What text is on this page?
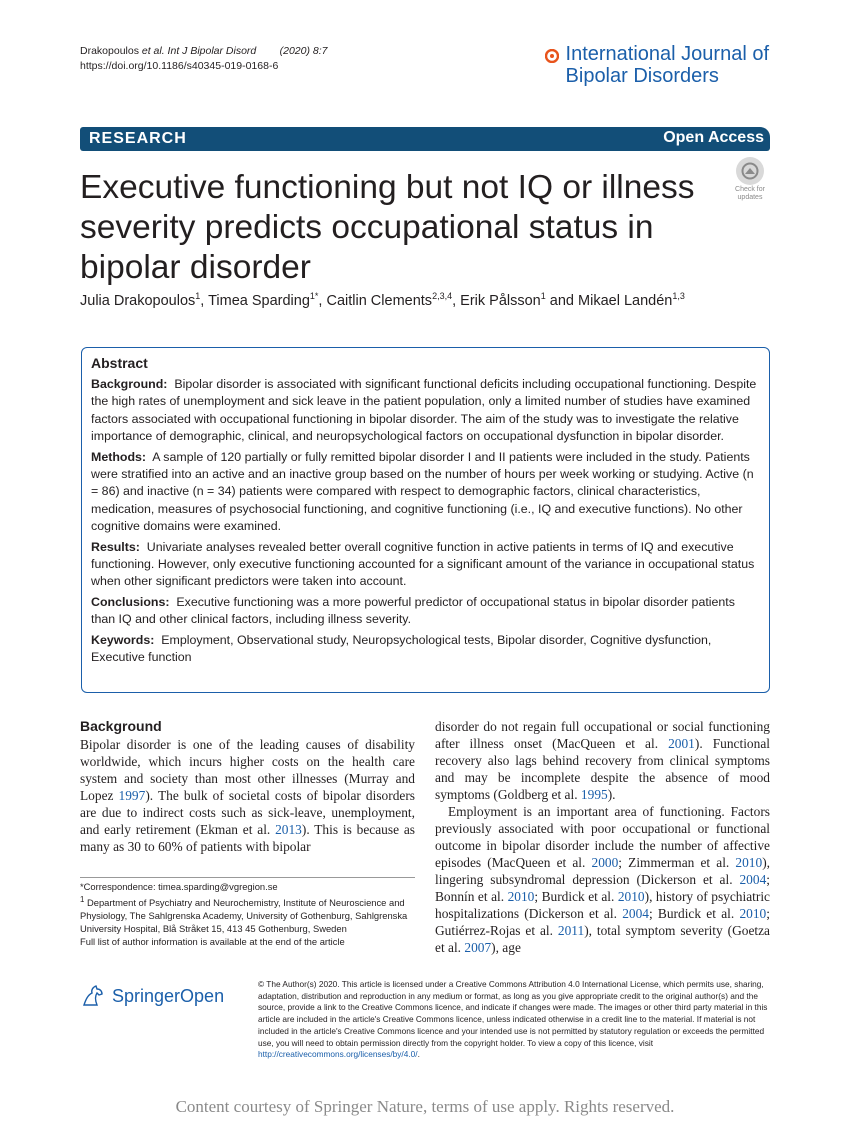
Drakopoulos et al. Int J Bipolar Disord (2020) 8:7
https://doi.org/10.1186/s40345-019-0168-6
International Journal of
Bipolar Disorders
RESEARCH	Open Access
Executive functioning but not IQ or illness severity predicts occupational status in bipolar disorder
Check for
updates
Julia Drakopoulos$^1$, Timea Sparding$^{1*}$, Caitlin Clements$^{2,3,4}$, Erik Pålsson$^1$ and Mikael Landén$^{1,3}$
Abstract

Background: Bipolar disorder is associated with significant functional deficits including occupational functioning. Despite the high rates of unemployment and sick leave in the patient population, only a limited number of studies have examined factors associated with occupational functioning in bipolar disorder. The aim of the study was to investigate the relative importance of demographic, clinical, and neuropsychological factors on occupational dysfunction in bipolar disorder.

Methods: A sample of 120 partially or fully remitted bipolar disorder I and II patients were included in the study. Patients were stratified into an active and an inactive group based on the number of hours per week working or studying. Active (n = 86) and inactive (n = 34) patients were compared with respect to demographic factors, clinical characteristics, medication, measures of psychosocial functioning, and cognitive functioning (i.e., IQ and executive functions). No other cognitive domains were examined.

Results: Univariate analyses revealed better overall cognitive function in active patients in terms of IQ and executive functioning. However, only executive functioning accounted for a significant amount of the variance in occupational status when other significant predictors were taken into account.

Conclusions: Executive functioning was a more powerful predictor of occupational status in bipolar disorder patients than IQ and other clinical factors, including illness severity.

Keywords: Employment, Observational study, Neuropsychological tests, Bipolar disorder, Cognitive dysfunction, Executive function

Background

Bipolar disorder is one of the leading causes of disability worldwide, which incurs higher costs on the health care system and society than most other illnesses (Murray and Lopez 1997). The bulk of societal costs of bipolar disorders are due to indirect costs such as sick-leave, unemployment, and early retirement (Ekman et al. 2013). This is because as many as 30 to 60% of patients with bipolar

disorder do not regain full occupational or social functioning after illness onset (MacQueen et al. 2001). Functional recovery also lags behind recovery from clinical symptoms and may be incomplete despite the absence of mood symptoms (Goldberg et al. 1995).

Employment is an important area of functioning. Factors previously associated with poor occupational or functional outcome in bipolar disorder include the number of affective episodes (MacQueen et al. 2000; Zimmerman et al. 2010), lingering subsyndromal depression (Dickerson et al. 2004; Bonnín et al. 2010; Burdick et al. 2010), history of psychiatric hospitalizations (Dickerson et al. 2004; Burdick et al. 2010; Gutiérrez-Rojas et al. 2011), total symptom severity (Goetza et al. 2007), age

*Correspondence: timea.sparding@vgregion.se
$^1$ Department of Psychiatry and Neurochemistry, Institute of Neuroscience and Physiology, The Sahlgrenska Academy, University of Gothenburg, Sahlgrenska University Hospital, Blå Stråket 15, 413 45 Gothenburg, Sweden
Full list of author information is available at the end of the article
SpringerOpen
© The Author(s) 2020. This article is licensed under a Creative Commons Attribution 4.0 International License, which permits use, sharing, adaptation, distribution and reproduction in any medium or format, as long as you give appropriate credit to the original author(s) and the source, provide a link to the Creative Commons licence, and indicate if changes were made. The images or other third party material in this article are included in the article's Creative Commons licence, unless indicated otherwise in a credit line to the material. If material is not included in the article's Creative Commons licence and your intended use is not permitted by statutory regulation or exceeds the permitted use, you will need to obtain permission directly from the copyright holder. To view a copy of this licence, visit http://creativecommons.org/licenses/by/4.0/.
Content courtesy of Springer Nature, terms of use apply. Rights reserved.
